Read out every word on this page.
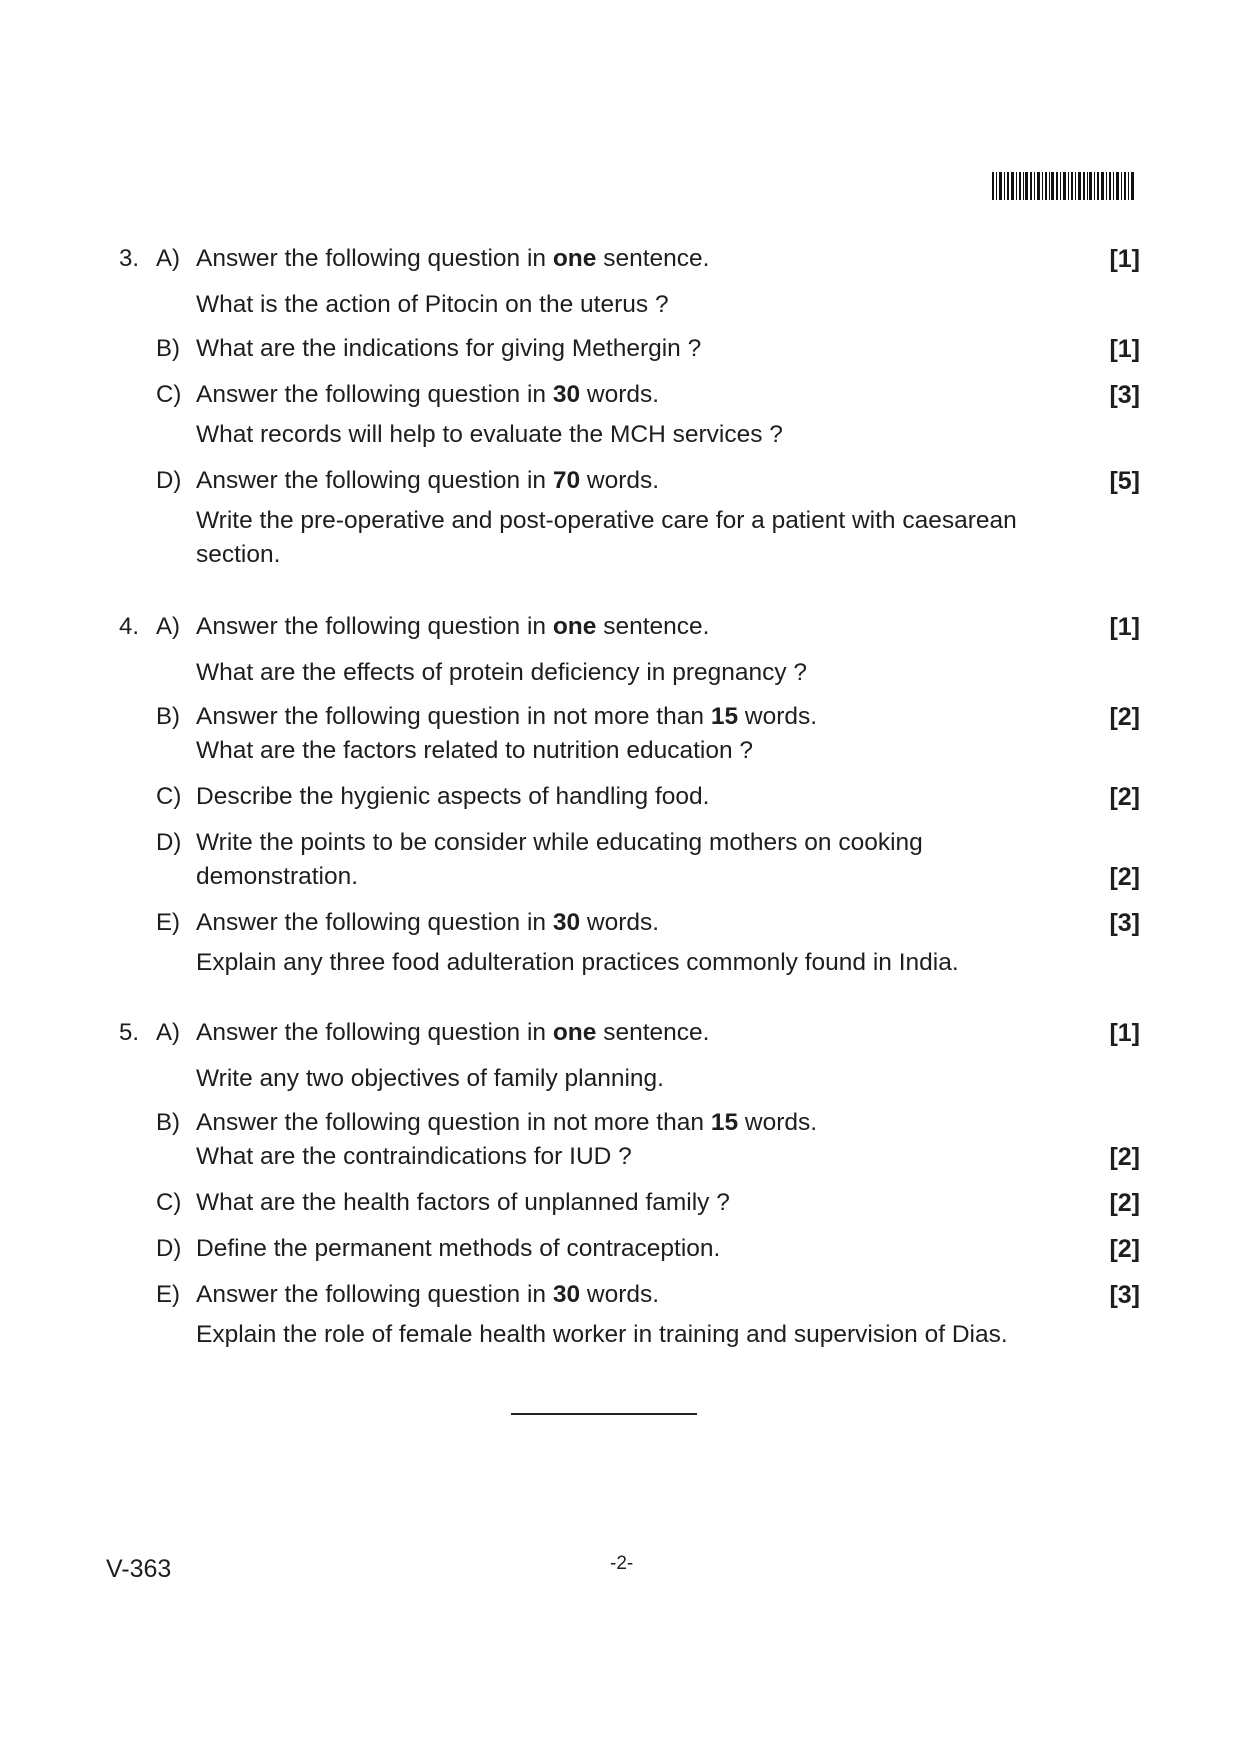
3. A) Answer the following question in one sentence.	[1]
What is the action of Pitocin on the uterus ?
B) What are the indications for giving Methergin ?	[1]
C) Answer the following question in 30 words.	[3]
What records will help to evaluate the MCH services ?
D) Answer the following question in 70 words.	[5]
Write the pre-operative and post-operative care for a patient with caesarean
section.
4. A) Answer the following question in one sentence.	[1]
What are the effects of protein deficiency in pregnancy ?
B) Answer the following question in not more than 15 words.	[2]
What are the factors related to nutrition education ?
C) Describe the hygienic aspects of handling food.	[2]
D) Write the points to be consider while educating mothers on cooking
demonstration.	[2]
E) Answer the following question in 30 words.	[3]
Explain any three food adulteration practices commonly found in India.
5. A) Answer the following question in one sentence.	[1]
Write any two objectives of family planning.
B) Answer the following question in not more than 15 words.
What are the contraindications for IUD ?	[2]
C) What are the health factors of unplanned family ?	[2]
D) Define the permanent methods of contraception.	[2]
E) Answer the following question in 30 words.	[3]
Explain the role of female health worker in training and supervision of Dias.
V-363	-2-
